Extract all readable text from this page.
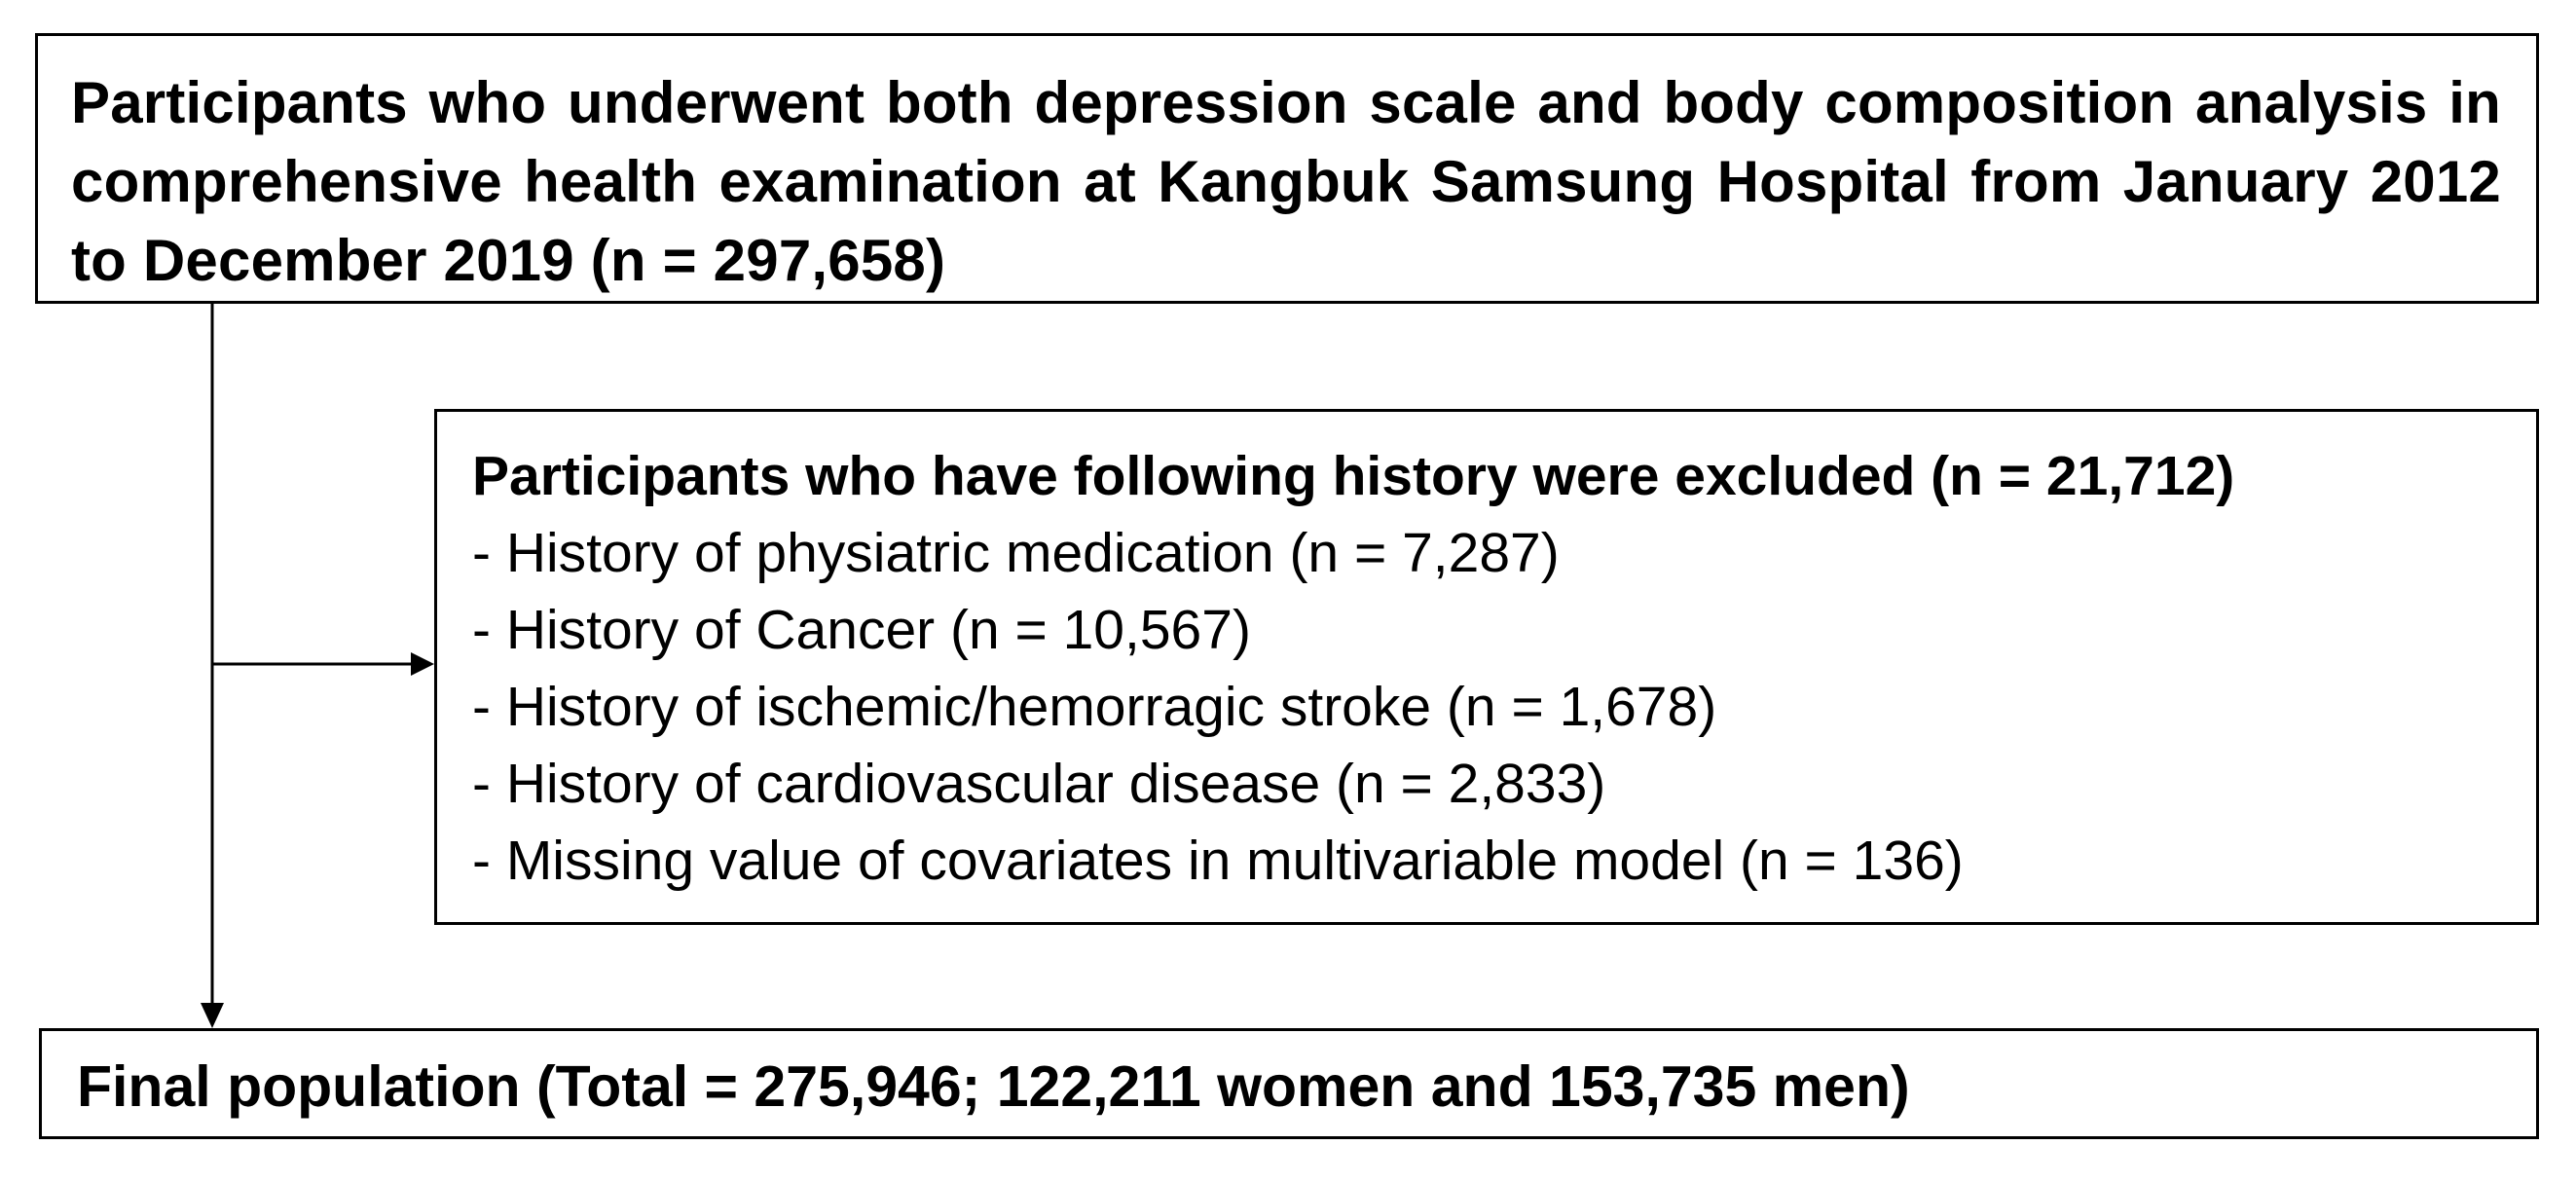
Participants who underwent both depression scale and body composition analysis in comprehensive health examination at Kangbuk Samsung Hospital from January 2012 to December 2019 (n = 297,658)
Participants who have following history were excluded (n = 21,712)
- History of physiatric medication (n = 7,287)
- History of Cancer (n = 10,567)
- History of ischemic/hemorragic stroke (n = 1,678)
- History of cardiovascular disease (n = 2,833)
- Missing value of covariates in multivariable model (n = 136)
Final population (Total = 275,946; 122,211 women and 153,735 men)
